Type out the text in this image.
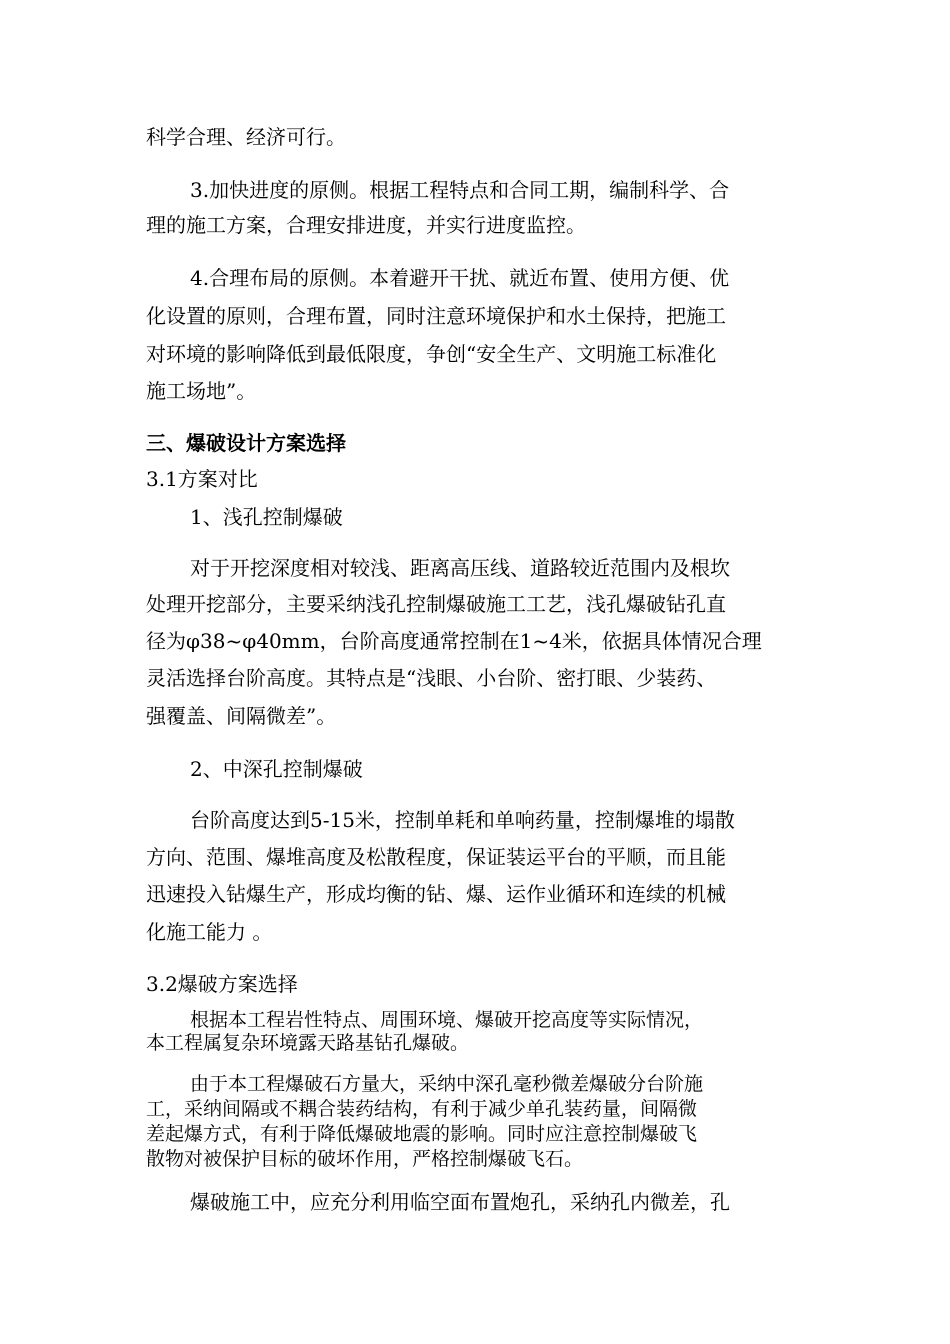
科学合理、经济可行。
3.加快进度的原侧。根据工程特点和合同工期，编制科学、合
理的施工方案，合理安排进度，并实行进度监控。
4.合理布局的原侧。本着避开干扰、就近布置、使用方便、优
化设置的原则，合理布置，同时注意环境保护和水土保持，把施工
对环境的影响降低到最低限度，争创“安全生产、文明施工标准化
施工场地”。
三、爆破设计方案选择
3.1方案对比
1、浅孔控制爆破
对于开挖深度相对较浅、距离高压线、道路较近范围内及根坎
处理开挖部分，主要采纳浅孔控制爆破施工工艺，浅孔爆破钻孔直
径为φ38~φ40mm，台阶高度通常控制在1~4米，依据具体情况合理
灵活选择台阶高度。其特点是“浅眼、小台阶、密打眼、少装药、
强覆盖、间隔微差”。
2、中深孔控制爆破
台阶高度达到5-15米，控制单耗和单响药量，控制爆堆的塌散
方向、范围、爆堆高度及松散程度，保证装运平台的平顺，而且能
迅速投入钻爆生产，形成均衡的钻、爆、运作业循环和连续的机械
化施工能力 。
3.2爆破方案选择
根据本工程岩性特点、周围环境、爆破开挖高度等实际情况，
本工程属复杂环境露天路基钻孔爆破。
由于本工程爆破石方量大，采纳中深孔毫秒微差爆破分台阶施
工，采纳间隔或不耦合装药结构，有利于减少单孔装药量，间隔微
差起爆方式，有利于降低爆破地震的影响。同时应注意控制爆破飞
散物对被保护目标的破坏作用，严格控制爆破飞石。
爆破施工中，应充分利用临空面布置炮孔，采纳孔内微差，孔
